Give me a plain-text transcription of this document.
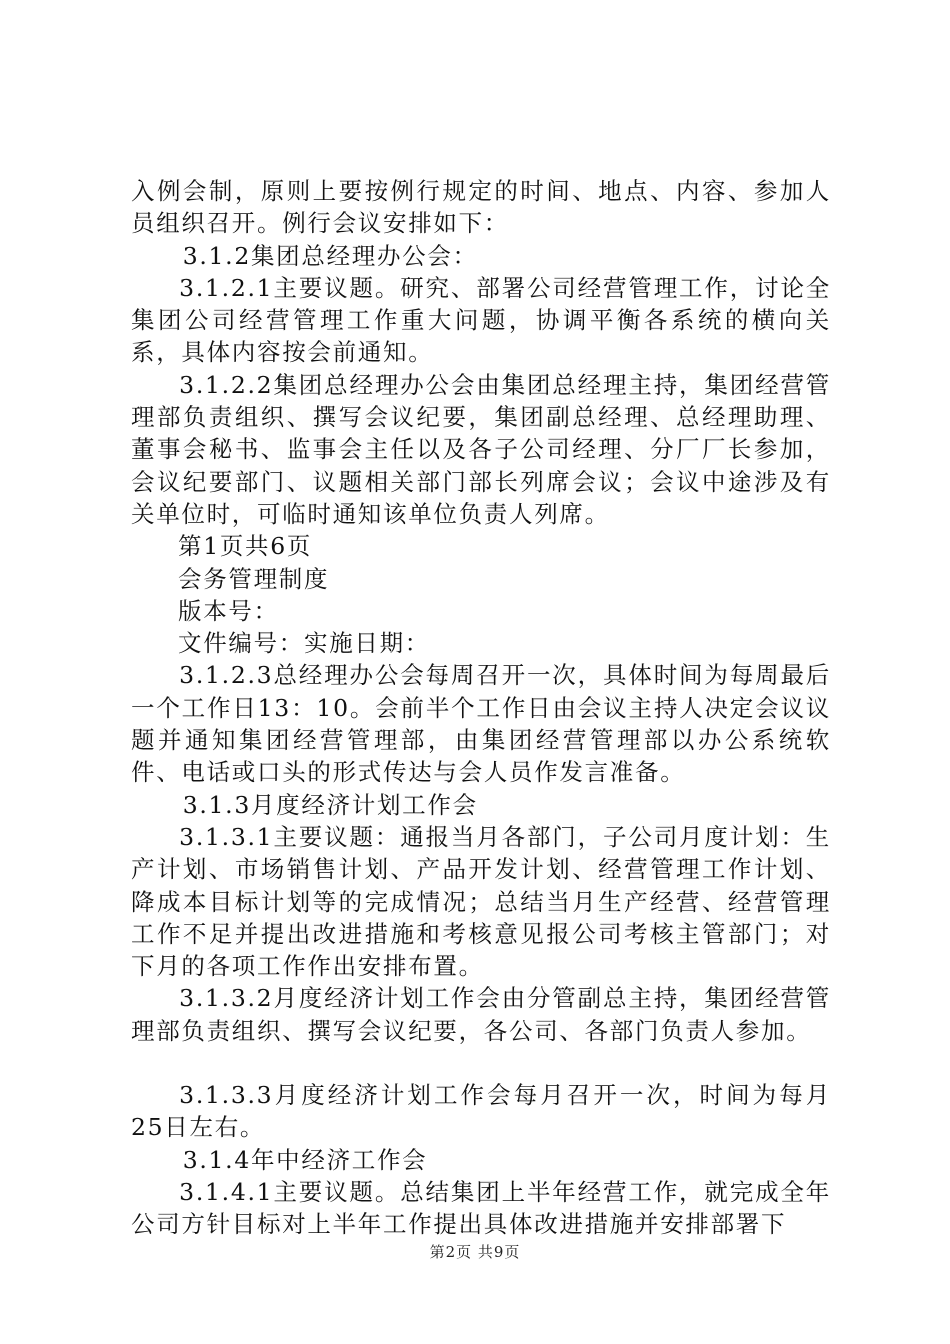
入例会制，原则上要按例行规定的时间、地点、内容、参加人员组织召开。例行会议安排如下：

3.1.2集团总经理办公会：

3.1.2.1主要议题。研究、部署公司经营管理工作，讨论全集团公司经营管理工作重大问题，协调平衡各系统的横向关系，具体内容按会前通知。

3.1.2.2集团总经理办公会由集团总经理主持，集团经营管理部负责组织、撰写会议纪要，集团副总经理、总经理助理、董事会秘书、监事会主任以及各子公司经理、分厂厂长参加，会议纪要部门、议题相关部门部长列席会议；会议中途涉及有关单位时，可临时通知该单位负责人列席。

第1页共6页

会务管理制度

版本号：

文件编号：实施日期：

3.1.2.3总经理办公会每周召开一次，具体时间为每周最后一个工作日13：10。会前半个工作日由会议主持人决定会议议题并通知集团经营管理部，由集团经营管理部以办公系统软件、电话或口头的形式传达与会人员作发言准备。

3.1.3月度经济计划工作会

3.1.3.1主要议题：通报当月各部门，子公司月度计划：生产计划、市场销售计划、产品开发计划、经营管理工作计划、降成本目标计划等的完成情况；总结当月生产经营、经营管理工作不足并提出改进措施和考核意见报公司考核主管部门；对下月的各项工作作出安排布置。

3.1.3.2月度经济计划工作会由分管副总主持，集团经营管理部负责组织、撰写会议纪要，各公司、各部门负责人参加。

3.1.3.3月度经济计划工作会每月召开一次，时间为每月25日左右。

3.1.4年中经济工作会

3.1.4.1主要议题。总结集团上半年经营工作，就完成全年公司方针目标对上半年工作提出具体改进措施并安排部署下

第2页 共9页
